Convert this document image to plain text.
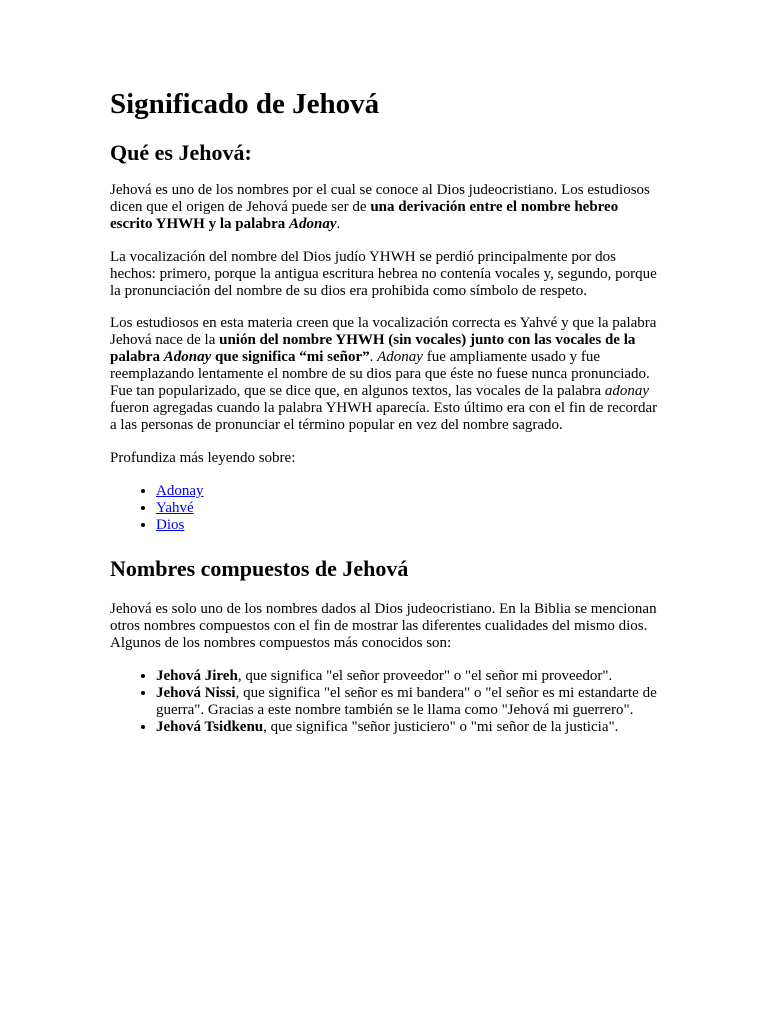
Significado de Jehová
Qué es Jehová:

Jehová es uno de los nombres por el cual se conoce al Dios judeocristiano. Los estudiosos dicen que el origen de Jehová puede ser de una derivación entre el nombre hebreo escrito YHWH y la palabra Adonay.

La vocalización del nombre del Dios judío YHWH se perdió principalmente por dos hechos: primero, porque la antigua escritura hebrea no contenía vocales y, segundo, porque la pronunciación del nombre de su dios era prohibida como símbolo de respeto.

Los estudiosos en esta materia creen que la vocalización correcta es Yahvé y que la palabra Jehová nace de la unión del nombre YHWH (sin vocales) junto con las vocales de la palabra Adonay que significa “mi señor”. Adonay fue ampliamente usado y fue reemplazando lentamente el nombre de su dios para que éste no fuese nunca pronunciado. Fue tan popularizado, que se dice que, en algunos textos, las vocales de la palabra adonay fueron agregadas cuando la palabra YHWH aparecía. Esto último era con el fin de recordar a las personas de pronunciar el término popular en vez del nombre sagrado.

Profundiza más leyendo sobre:

• Adonay
• Yahvé
• Dios
Nombres compuestos de Jehová

Jehová es solo uno de los nombres dados al Dios judeocristiano. En la Biblia se mencionan otros nombres compuestos con el fin de mostrar las diferentes cualidades del mismo dios. Algunos de los nombres compuestos más conocidos son:

• Jehová Jireh, que significa "el señor proveedor" o "el señor mi proveedor".
• Jehová Nissi, que significa "el señor es mi bandera" o "el señor es mi estandarte de guerra". Gracias a este nombre también se le llama como "Jehová mi guerrero".
• Jehová Tsidkenu, que significa "señor justiciero" o "mi señor de la justicia".
